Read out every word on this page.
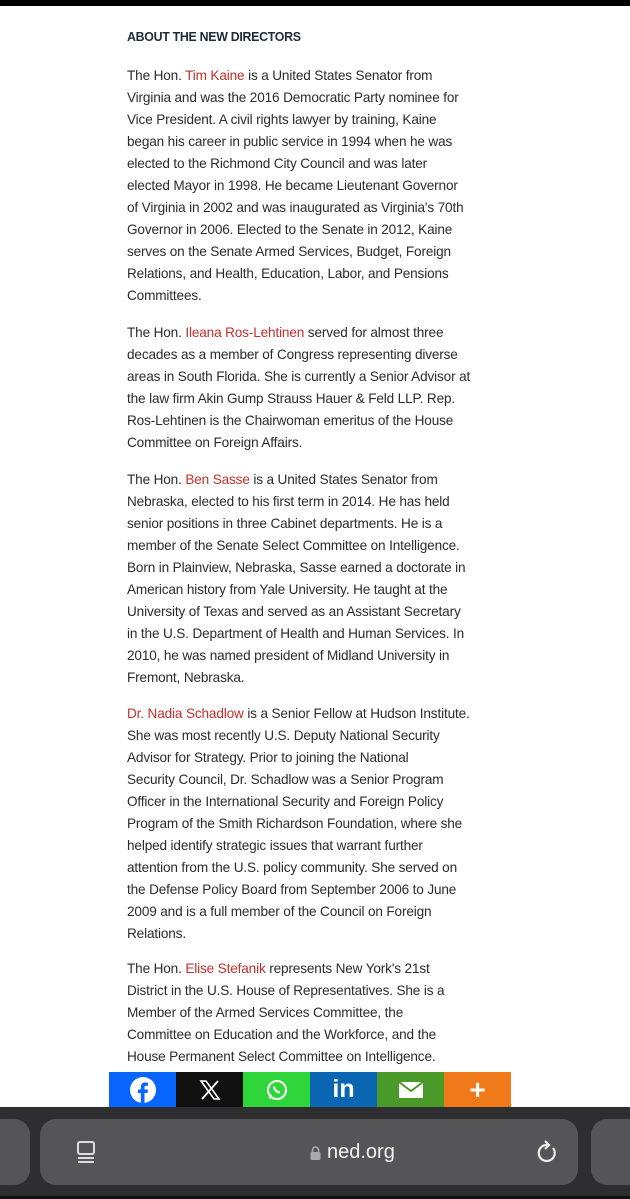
ABOUT THE NEW DIRECTORS
The Hon. Tim Kaine is a United States Senator from
Virginia and was the 2016 Democratic Party nominee for
Vice President. A civil rights lawyer by training, Kaine
began his career in public service in 1994 when he was
elected to the Richmond City Council and was later
elected Mayor in 1998. He became Lieutenant Governor
of Virginia in 2002 and was inaugurated as Virginia's 70th
Governor in 2006. Elected to the Senate in 2012, Kaine
serves on the Senate Armed Services, Budget, Foreign
Relations, and Health, Education, Labor, and Pensions
Committees.
The Hon. Ileana Ros-Lehtinen served for almost three
decades as a member of Congress representing diverse
areas in South Florida. She is currently a Senior Advisor at
the law firm Akin Gump Strauss Hauer & Feld LLP. Rep.
Ros-Lehtinen is the Chairwoman emeritus of the House
Committee on Foreign Affairs.
The Hon. Ben Sasse is a United States Senator from
Nebraska, elected to his first term in 2014. He has held
senior positions in three Cabinet departments. He is a
member of the Senate Select Committee on Intelligence.
Born in Plainview, Nebraska, Sasse earned a doctorate in
American history from Yale University. He taught at the
University of Texas and served as an Assistant Secretary
in the U.S. Department of Health and Human Services. In
2010, he was named president of Midland University in
Fremont, Nebraska.
Dr. Nadia Schadlow is a Senior Fellow at Hudson Institute.
She was most recently U.S. Deputy National Security
Advisor for Strategy. Prior to joining the National
Security Council, Dr. Schadlow was a Senior Program
Officer in the International Security and Foreign Policy
Program of the Smith Richardson Foundation, where she
helped identify strategic issues that warrant further
attention from the U.S. policy community. She served on
the Defense Policy Board from September 2006 to June
2009 and is a full member of the Council on Foreign
Relations.
The Hon. Elise Stefanik represents New York's 21st
District in the U.S. House of Representatives. She is a
Member of the Armed Services Committee, the
Committee on Education and the Workforce, and the
House Permanent Select Committee on Intelligence.
in	+
ned.org
